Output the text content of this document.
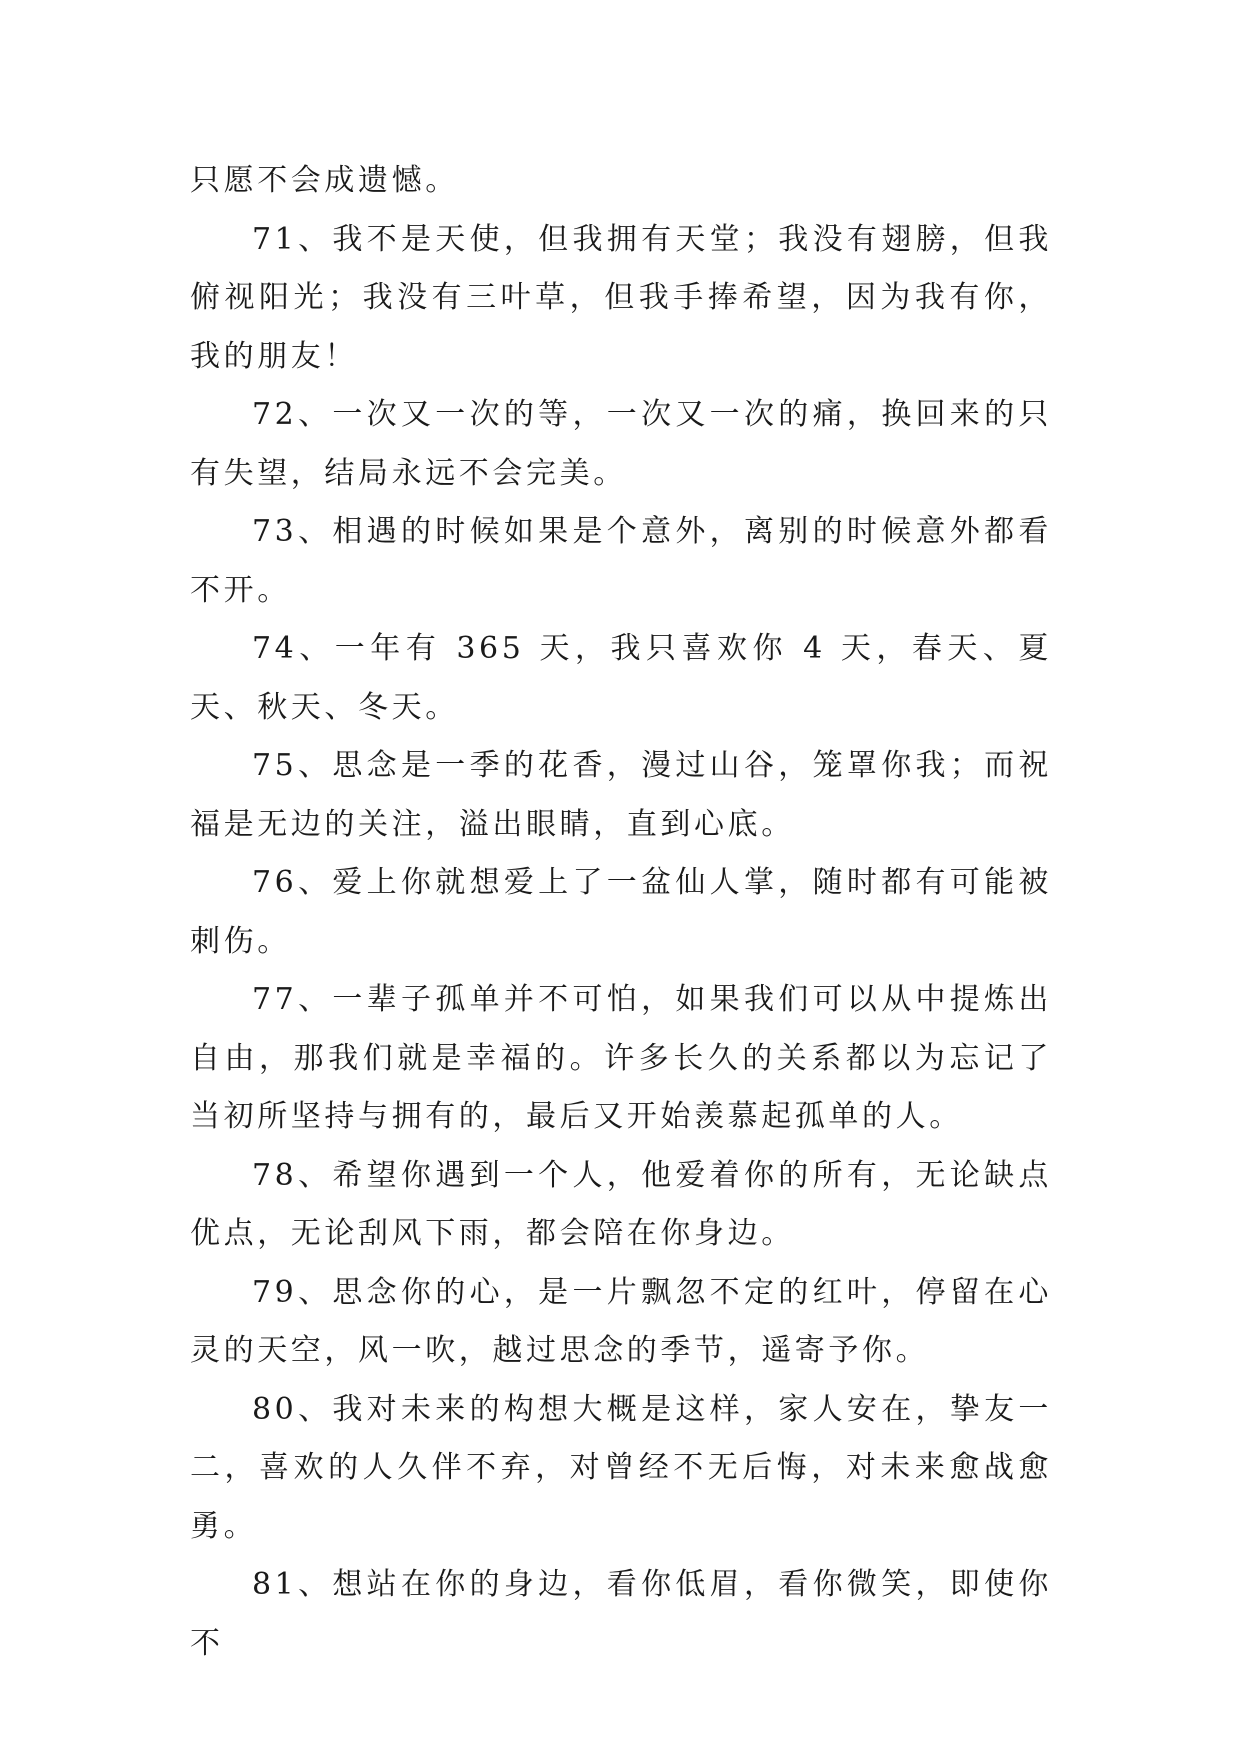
只愿不会成遗憾。

71、我不是天使，但我拥有天堂；我没有翅膀，但我俯视阳光；我没有三叶草，但我手捧希望，因为我有你，我的朋友！

72、一次又一次的等，一次又一次的痛，换回来的只有失望，结局永远不会完美。

73、相遇的时候如果是个意外，离别的时候意外都看不开。

74、一年有 365 天，我只喜欢你 4 天，春天、夏天、秋天、冬天。

75、思念是一季的花香，漫过山谷，笼罩你我；而祝福是无边的关注，溢出眼睛，直到心底。

76、爱上你就想爱上了一盆仙人掌，随时都有可能被刺伤。

77、一辈子孤单并不可怕，如果我们可以从中提炼出自由，那我们就是幸福的。许多长久的关系都以为忘记了当初所坚持与拥有的，最后又开始羡慕起孤单的人。

78、希望你遇到一个人，他爱着你的所有，无论缺点优点，无论刮风下雨，都会陪在你身边。

79、思念你的心，是一片飘忽不定的红叶，停留在心灵的天空，风一吹，越过思念的季节，遥寄予你。

80、我对未来的构想大概是这样，家人安在，挚友一二，喜欢的人久伴不弃，对曾经不无后悔，对未来愈战愈勇。

81、想站在你的身边，看你低眉，看你微笑，即使你不
